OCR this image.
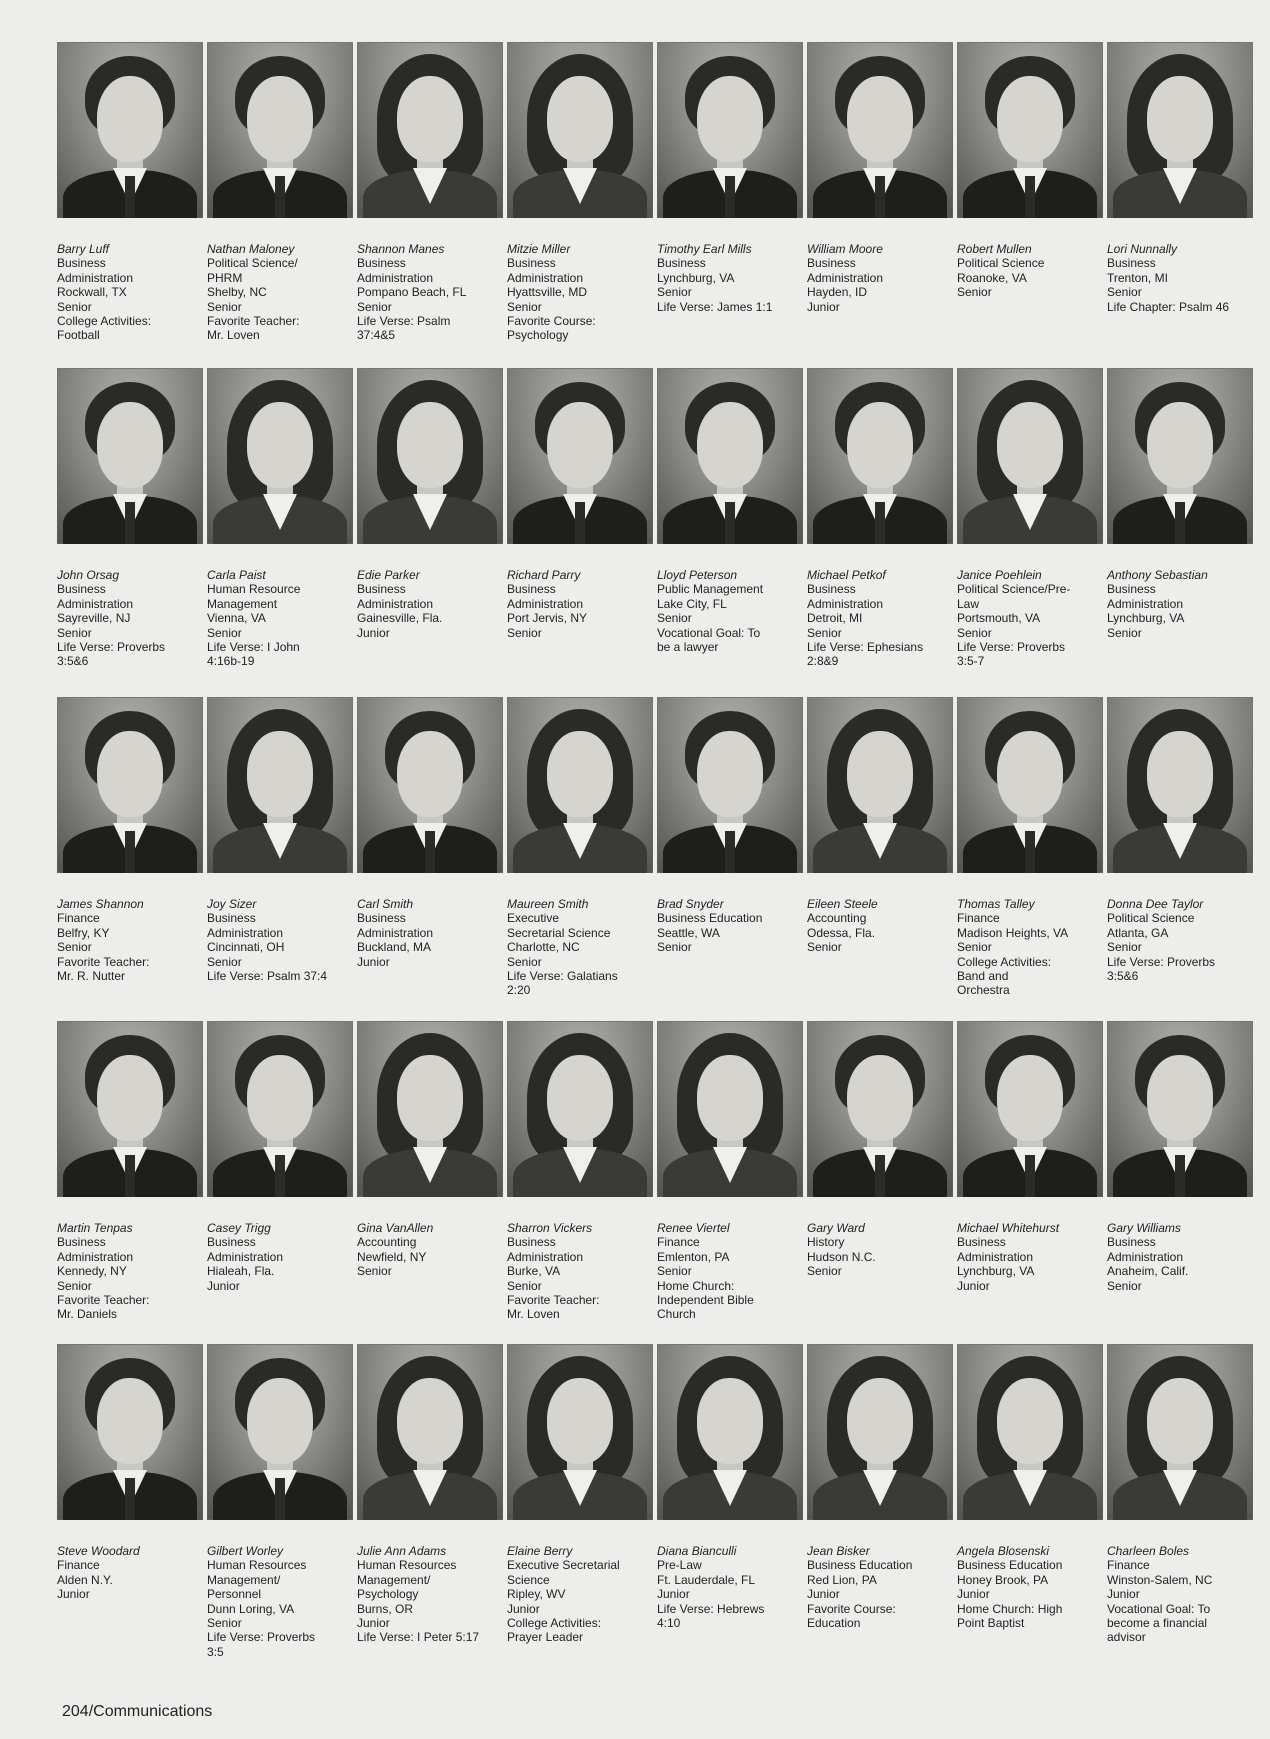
Barry Luff
Business
Administration
Rockwall, TX
Senior
College Activities:
Football
Nathan Maloney
Political Science/
PHRM
Shelby, NC
Senior
Favorite Teacher:
Mr. Loven
Shannon Manes
Business
Administration
Pompano Beach, FL
Senior
Life Verse: Psalm
37:4&5
Mitzie Miller
Business
Administration
Hyattsville, MD
Senior
Favorite Course:
Psychology
Timothy Earl Mills
Business
Lynchburg, VA
Senior
Life Verse: James 1:1
William Moore
Business
Administration
Hayden, ID
Junior
Robert Mullen
Political Science
Roanoke, VA
Senior
Lori Nunnally
Business
Trenton, MI
Senior
Life Chapter: Psalm 46
John Orsag
Business
Administration
Sayreville, NJ
Senior
Life Verse: Proverbs
3:5&6
Carla Paist
Human Resource
Management
Vienna, VA
Senior
Life Verse: I John
4:16b-19
Edie Parker
Business
Administration
Gainesville, Fla.
Junior
Richard Parry
Business
Administration
Port Jervis, NY
Senior
Lloyd Peterson
Public Management
Lake City, FL
Senior
Vocational Goal: To
be a lawyer
Michael Petkof
Business
Administration
Detroit, MI
Senior
Life Verse: Ephesians
2:8&9
Janice Poehlein
Political Science/Pre-
Law
Portsmouth, VA
Senior
Life Verse: Proverbs
3:5-7
Anthony Sebastian
Business
Administration
Lynchburg, VA
Senior
James Shannon
Finance
Belfry, KY
Senior
Favorite Teacher:
Mr. R. Nutter
Joy Sizer
Business
Administration
Cincinnati, OH
Senior
Life Verse: Psalm 37:4
Carl Smith
Business
Administration
Buckland, MA
Junior
Maureen Smith
Executive
Secretarial Science
Charlotte, NC
Senior
Life Verse: Galatians
2:20
Brad Snyder
Business Education
Seattle, WA
Senior
Eileen Steele
Accounting
Odessa, Fla.
Senior
Thomas Talley
Finance
Madison Heights, VA
Senior
College Activities:
Band and
Orchestra
Donna Dee Taylor
Political Science
Atlanta, GA
Senior
Life Verse: Proverbs
3:5&6
Martin Tenpas
Business
Administration
Kennedy, NY
Senior
Favorite Teacher:
Mr. Daniels
Casey Trigg
Business
Administration
Hialeah, Fla.
Junior
Gina VanAllen
Accounting
Newfield, NY
Senior
Sharron Vickers
Business
Administration
Burke, VA
Senior
Favorite Teacher:
Mr. Loven
Renee Viertel
Finance
Emlenton, PA
Senior
Home Church:
Independent Bible
Church
Gary Ward
History
Hudson N.C.
Senior
Michael Whitehurst
Business
Administration
Lynchburg, VA
Junior
Gary Williams
Business
Administration
Anaheim, Calif.
Senior
Steve Woodard
Finance
Alden N.Y.
Junior
Gilbert Worley
Human Resources
Management/
Personnel
Dunn Loring, VA
Senior
Life Verse: Proverbs
3:5
Julie Ann Adams
Human Resources
Management/
Psychology
Burns, OR
Junior
Life Verse: I Peter 5:17
Elaine Berry
Executive Secretarial
Science
Ripley, WV
Junior
College Activities:
Prayer Leader
Diana Bianculli
Pre-Law
Ft. Lauderdale, FL
Junior
Life Verse: Hebrews
4:10
Jean Bisker
Business Education
Red Lion, PA
Junior
Favorite Course:
Education
Angela Blosenski
Business Education
Honey Brook, PA
Junior
Home Church: High
Point Baptist
Charleen Boles
Finance
Winston-Salem, NC
Junior
Vocational Goal: To
become a financial
advisor
204/Communications
